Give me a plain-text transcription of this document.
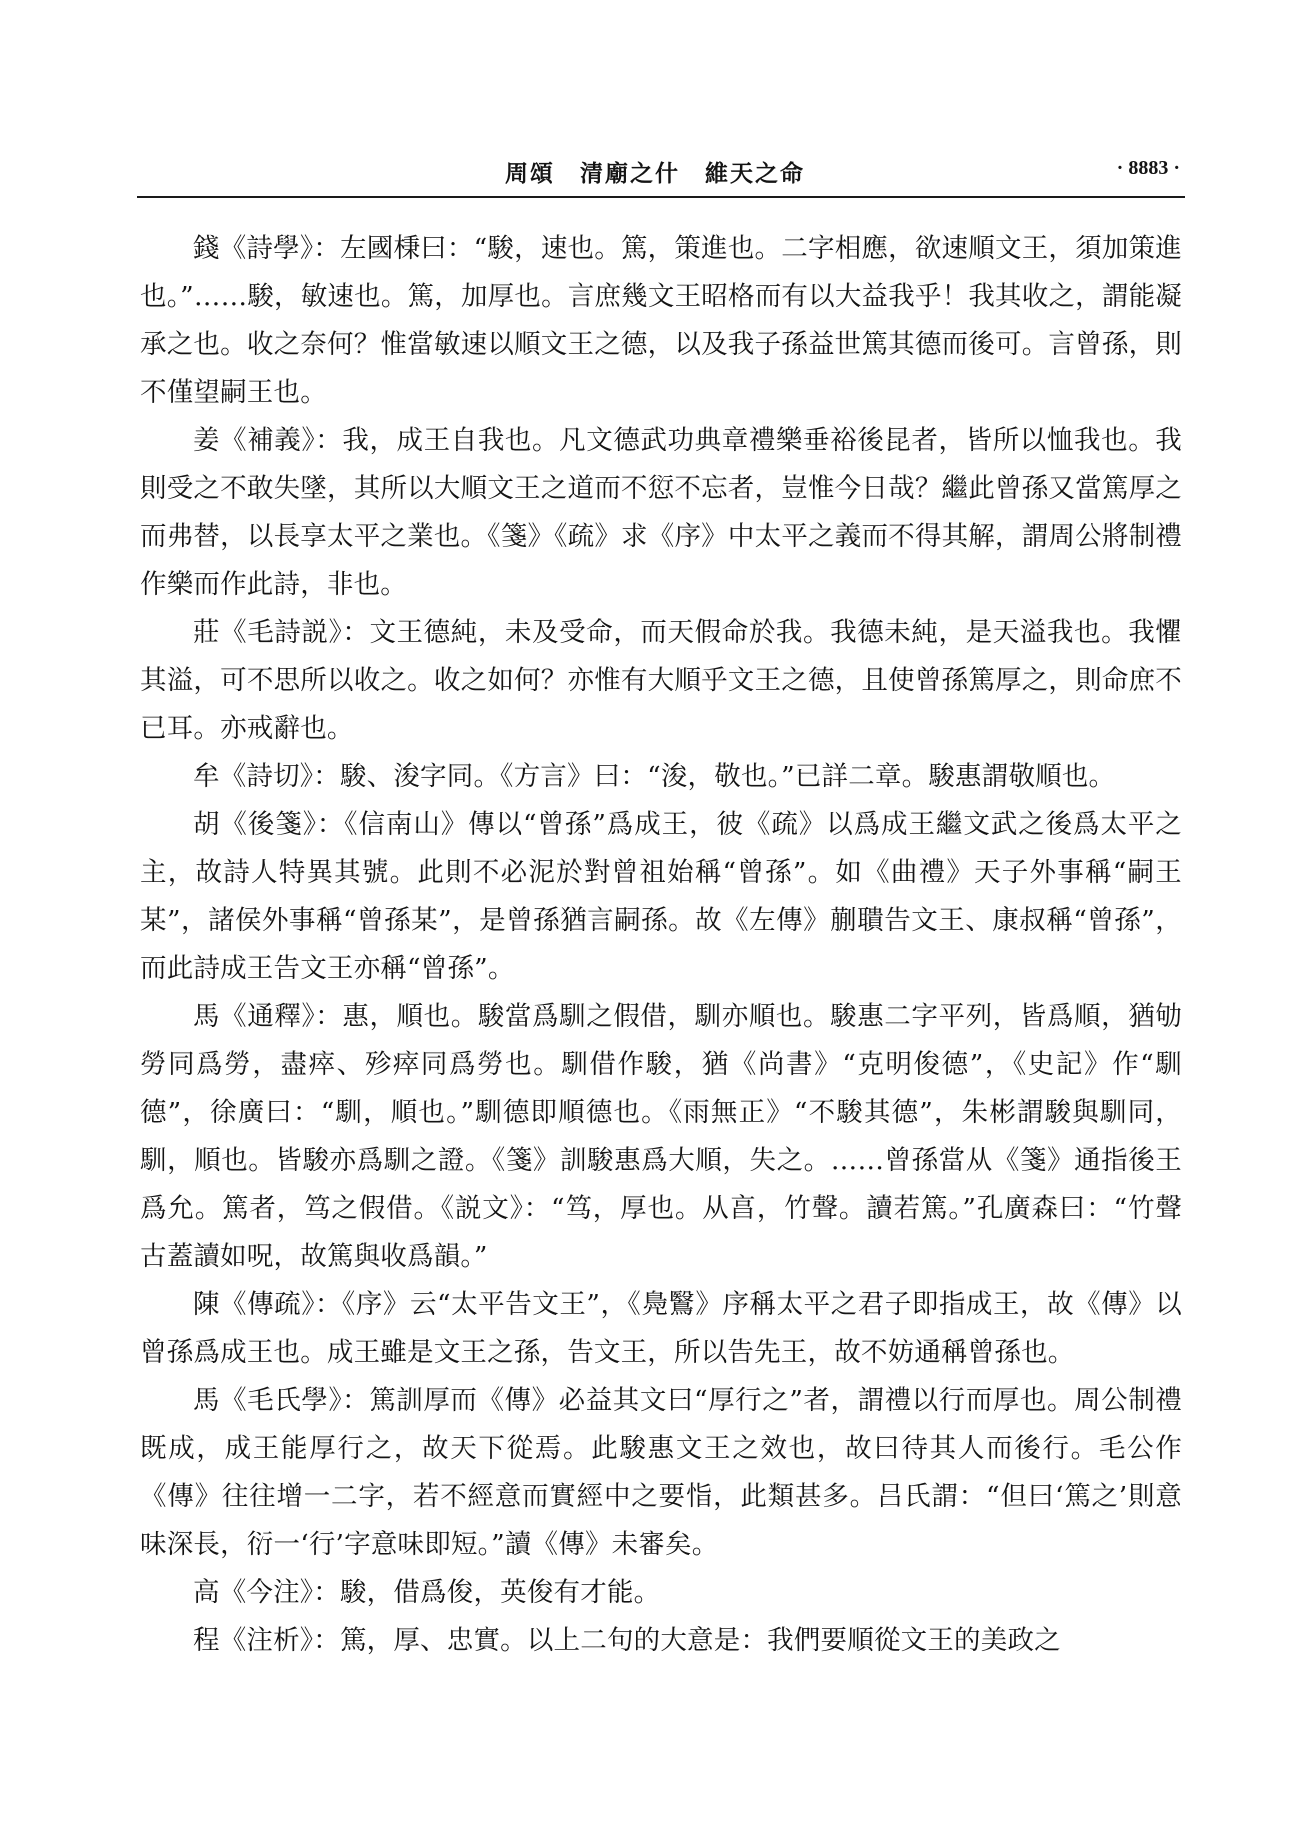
周頌　清廟之什　維天之命	· 8883 ·

錢《詩學》：左國棅曰：“駿，速也。篤，策進也。二字相應，欲速順文王，須加策進也。”……駿，敏速也。篤，加厚也。言庶幾文王昭格而有以大益我乎！我其收之，謂能凝承之也。收之奈何？惟當敏速以順文王之德，以及我子孫益世篤其德而後可。言曾孫，則不僅望嗣王也。

姜《補義》：我，成王自我也。凡文德武功典章禮樂垂裕後昆者，皆所以恤我也。我則受之不敢失墜，其所以大順文王之道而不愆不忘者，豈惟今日哉？繼此曾孫又當篤厚之而弗替，以長享太平之業也。《箋》《疏》求《序》中太平之義而不得其解，謂周公將制禮作樂而作此詩，非也。

莊《毛詩説》：文王德純，未及受命，而天假命於我。我德未純，是天溢我也。我懼其溢，可不思所以收之。收之如何？亦惟有大順乎文王之德，且使曾孫篤厚之，則命庶不已耳。亦戒辭也。

牟《詩切》：駿、浚字同。《方言》曰：“浚，敬也。”已詳二章。駿惠謂敬順也。

胡《後箋》：《信南山》傳以“曾孫”爲成王，彼《疏》以爲成王繼文武之後爲太平之主，故詩人特異其號。此則不必泥於對曾祖始稱“曾孫”。如《曲禮》天子外事稱“嗣王某”，諸侯外事稱“曾孫某”，是曾孫猶言嗣孫。故《左傳》蒯聵告文王、康叔稱“曾孫”，而此詩成王告文王亦稱“曾孫”。

馬《通釋》：惠，順也。駿當爲馴之假借，馴亦順也。駿惠二字平列，皆爲順，猶劬勞同爲勞，盡瘁、殄瘁同爲勞也。馴借作駿，猶《尚書》“克明俊德”，《史記》作“馴德”，徐廣曰：“馴，順也。”馴德即順德也。《雨無正》“不駿其德”，朱彬謂駿與馴同，馴，順也。皆駿亦爲馴之證。《箋》訓駿惠爲大順，失之。……曾孫當从《箋》通指後王爲允。篤者，笃之假借。《説文》：“笃，厚也。从亯，竹聲。讀若篤。”孔廣森曰：“竹聲古蓋讀如呪，故篤與收爲韻。”

陳《傳疏》：《序》云“太平告文王”，《鳧鷖》序稱太平之君子即指成王，故《傳》以曾孫爲成王也。成王雖是文王之孫，告文王，所以告先王，故不妨通稱曾孫也。

馬《毛氏學》：篤訓厚而《傳》必益其文曰“厚行之”者，謂禮以行而厚也。周公制禮既成，成王能厚行之，故天下從焉。此駿惠文王之效也，故曰待其人而後行。毛公作《傳》往往增一二字，若不經意而實經中之要恉，此類甚多。吕氏謂：“但曰‘篤之’則意味深長，衍一‘行’字意味即短。”讀《傳》未審矣。

高《今注》：駿，借爲俊，英俊有才能。

程《注析》：篤，厚、忠實。以上二句的大意是：我們要順從文王的美政之
